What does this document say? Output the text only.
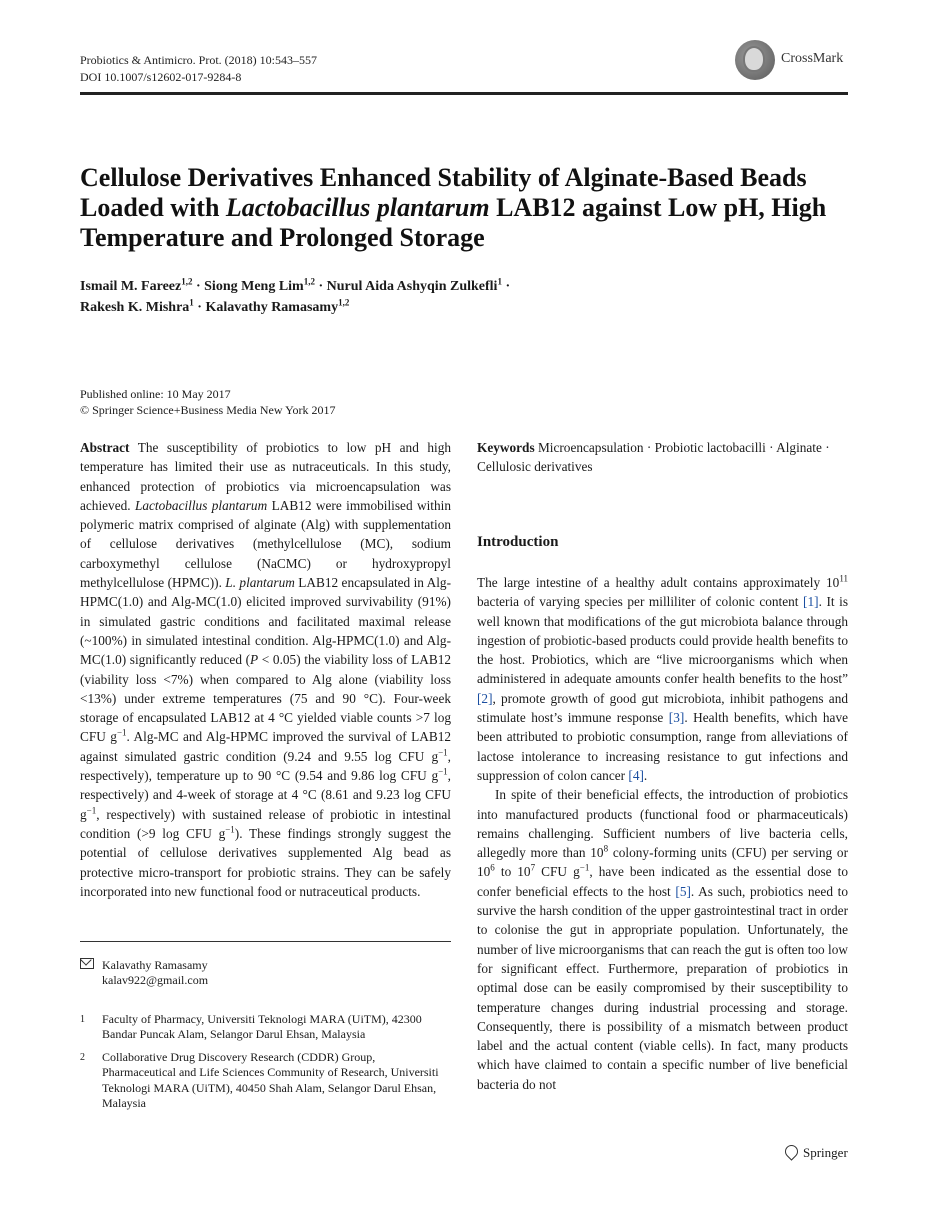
Probiotics & Antimicro. Prot. (2018) 10:543–557
DOI 10.1007/s12602-017-9284-8
CrossMark
Cellulose Derivatives Enhanced Stability of Alginate-Based Beads Loaded with Lactobacillus plantarum LAB12 against Low pH, High Temperature and Prolonged Storage
Ismail M. Fareez$^{1,2}$ · Siong Meng Lim$^{1,2}$ · Nurul Aida Ashyqin Zulkefli$^1$ ·
Rakesh K. Mishra$^1$ · Kalavathy Ramasamy$^{1,2}$
Published online: 10 May 2017
© Springer Science+Business Media New York 2017
Abstract The susceptibility of probiotics to low pH and high temperature has limited their use as nutraceuticals. In this study, enhanced protection of probiotics via microencapsulation was achieved. Lactobacillus plantarum LAB12 were immobilised within polymeric matrix comprised of alginate (Alg) with supplementation of cellulose derivatives (methylcellulose (MC), sodium carboxymethyl cellulose (NaCMC) or hydroxypropyl methylcellulose (HPMC)). L. plantarum LAB12 encapsulated in Alg-HPMC(1.0) and Alg-MC(1.0) elicited improved survivability (91%) in simulated gastric conditions and facilitated maximal release (~100%) in simulated intestinal condition. Alg-HPMC(1.0) and Alg-MC(1.0) significantly reduced (P < 0.05) the viability loss of LAB12 (viability loss <7%) when compared to Alg alone (viability loss <13%) under extreme temperatures (75 and 90 °C). Four-week storage of encapsulated LAB12 at 4 °C yielded viable counts >7 log CFU $g^{-1}$. Alg-MC and Alg-HPMC improved the survival of LAB12 against simulated gastric condition (9.24 and 9.55 log CFU $g^{-1}$, respectively), temperature up to 90 °C (9.54 and 9.86 log CFU $g^{-1}$, respectively) and 4-week of storage at 4 °C (8.61 and 9.23 log CFU $g^{-1}$, respectively) with sustained release of probiotic in intestinal condition (>9 log CFU $g^{-1}$). These findings strongly suggest the potential of cellulose derivatives supplemented Alg bead as protective micro-transport for probiotic strains. They can be safely incorporated into new functional food or nutraceutical products.
Keywords Microencapsulation · Probiotic lactobacilli · Alginate · Cellulosic derivatives
Introduction

The large intestine of a healthy adult contains approximately $10^{11}$ bacteria of varying species per milliliter of colonic content [1]. It is well known that modifications of the gut microbiota balance through ingestion of probiotic-based products could provide health benefits to the host. Probiotics, which are “live microorganisms which when administered in adequate amounts confer health benefits to the host” [2], promote growth of good gut microbiota, inhibit pathogens and stimulate host’s immune response [3]. Health benefits, which have been attributed to probiotic consumption, range from alleviations of lactose intolerance to increasing resistance to gut infections and suppression of colon cancer [4].

In spite of their beneficial effects, the introduction of probiotics into manufactured products (functional food or pharmaceuticals) remains challenging. Sufficient numbers of live bacteria cells, allegedly more than $10^8$ colony-forming units (CFU) per serving or $10^6$ to $10^7$ CFU $g^{-1}$, have been indicated as the essential dose to confer beneficial effects to the host [5]. As such, probiotics need to survive the harsh condition of the upper gastrointestinal tract in order to colonise the gut in appropriate population. Unfortunately, the number of live microorganisms that can reach the gut is often too low for significant effect. Furthermore, preparation of probiotics in optimal dose can be easily compromised by their susceptibility to temperature changes during industrial processing and storage. Consequently, there is possibility of a mismatch between product label and the actual content (viable cells). In fact, many products which have claimed to contain a specific number of live beneficial bacteria do not

Kalavathy Ramasamy
kalav922@gmail.com
1 Faculty of Pharmacy, Universiti Teknologi MARA (UiTM), 42300 Bandar Puncak Alam, Selangor Darul Ehsan, Malaysia
2 Collaborative Drug Discovery Research (CDDR) Group, Pharmaceutical and Life Sciences Community of Research, Universiti Teknologi MARA (UiTM), 40450 Shah Alam, Selangor Darul Ehsan, Malaysia
Springer
